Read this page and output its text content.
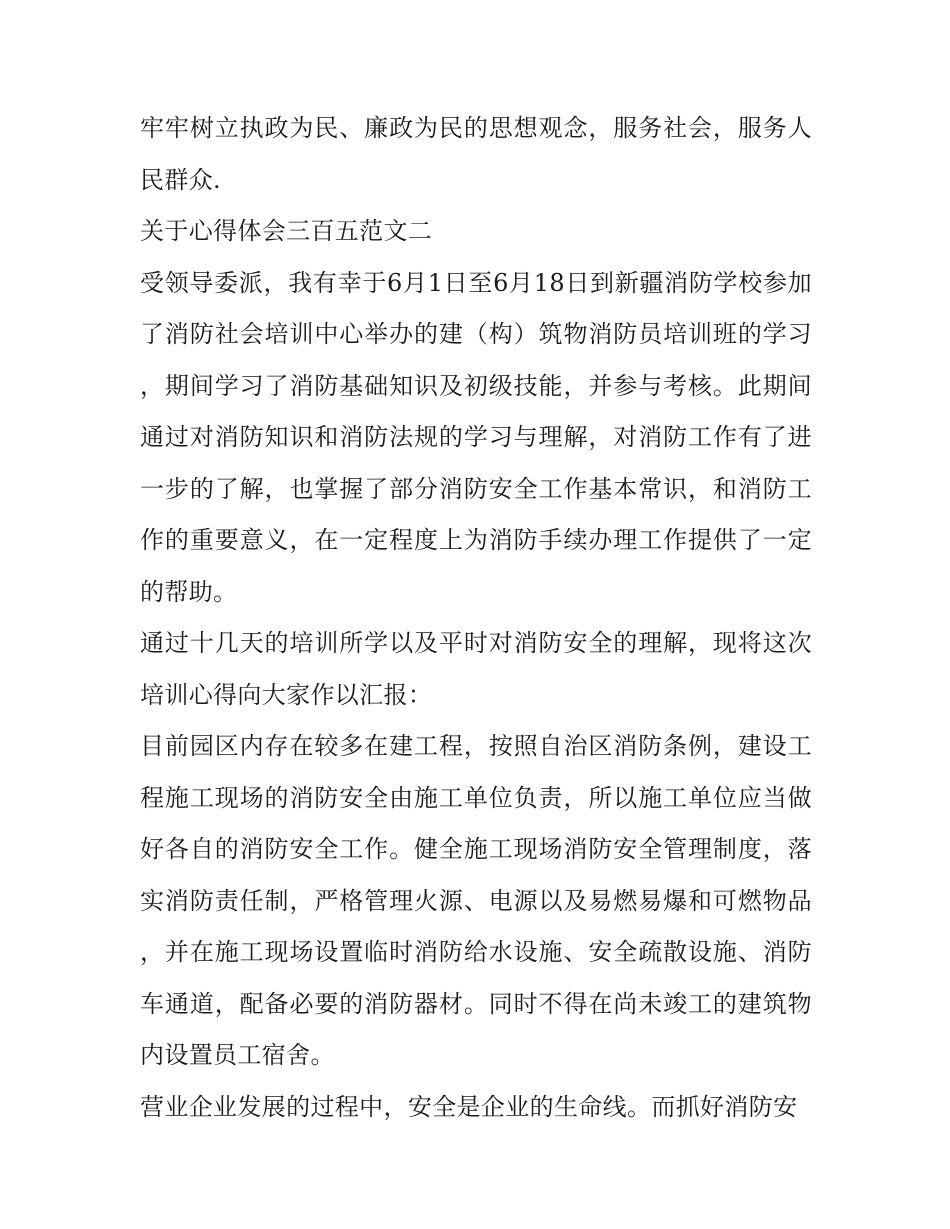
牢牢树立执政为民、廉政为民的思想观念，服务社会，服务人民群众.

关于心得体会三百五范文二

受领导委派，我有幸于6月1日至6月18日到新疆消防学校参加了消防社会培训中心举办的建（构）筑物消防员培训班的学习，期间学习了消防基础知识及初级技能，并参与考核。此期间通过对消防知识和消防法规的学习与理解，对消防工作有了进一步的了解，也掌握了部分消防安全工作基本常识，和消防工作的重要意义，在一定程度上为消防手续办理工作提供了一定的帮助。

通过十几天的培训所学以及平时对消防安全的理解，现将这次培训心得向大家作以汇报：

目前园区内存在较多在建工程，按照自治区消防条例，建设工程施工现场的消防安全由施工单位负责，所以施工单位应当做好各自的消防安全工作。健全施工现场消防安全管理制度，落实消防责任制，严格管理火源、电源以及易燃易爆和可燃物品，并在施工现场设置临时消防给水设施、安全疏散设施、消防车通道，配备必要的消防器材。同时不得在尚未竣工的建筑物内设置员工宿舍。

营业企业发展的过程中，安全是企业的生命线。而抓好消防安
